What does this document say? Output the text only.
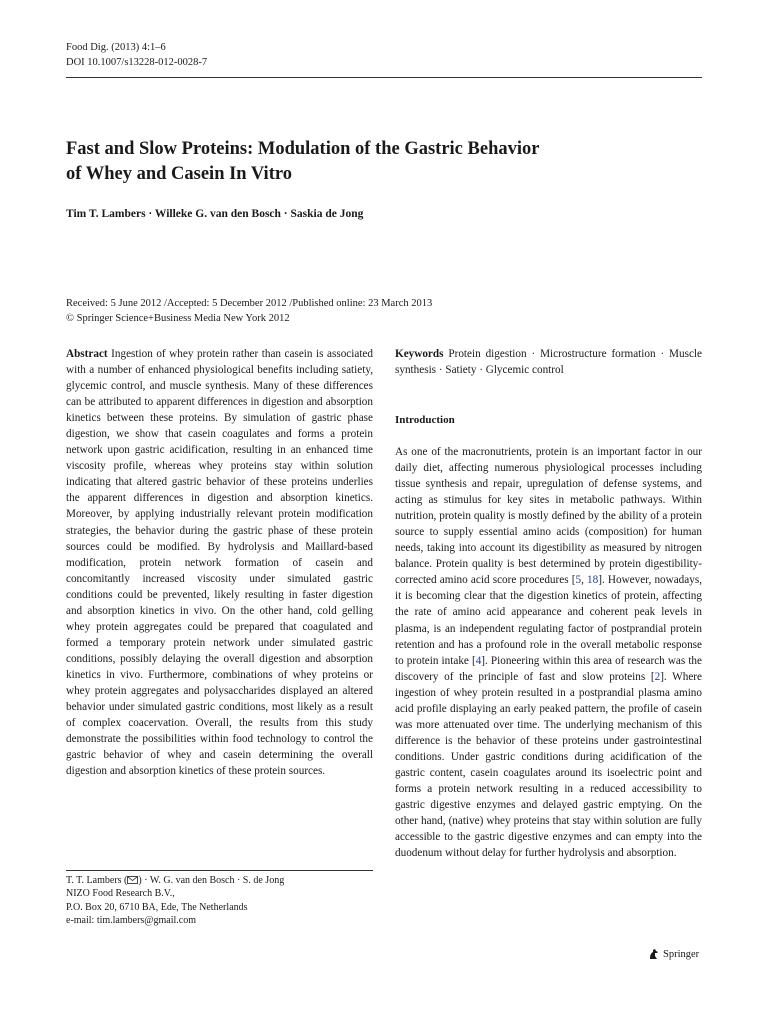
Food Dig. (2013) 4:1–6
DOI 10.1007/s13228-012-0028-7
Fast and Slow Proteins: Modulation of the Gastric Behavior
of Whey and Casein In Vitro
Tim T. Lambers · Willeke G. van den Bosch · Saskia de Jong
Received: 5 June 2012 /Accepted: 5 December 2012 /Published online: 23 March 2013
© Springer Science+Business Media New York 2012
Abstract Ingestion of whey protein rather than casein is associated with a number of enhanced physiological benefits including satiety, glycemic control, and muscle synthesis. Many of these differences can be attributed to apparent differences in digestion and absorption kinetics between these proteins. By simulation of gastric phase digestion, we show that casein coagulates and forms a protein network upon gastric acidification, resulting in an enhanced time viscosity profile, whereas whey proteins stay within solution indicating that altered gastric behavior of these proteins underlies the apparent differences in digestion and absorption kinetics. Moreover, by applying industrially relevant protein modification strategies, the behavior during the gastric phase of these protein sources could be modified. By hydrolysis and Maillard-based modification, protein network formation of casein and concomitantly increased viscosity under simulated gastric conditions could be prevented, likely resulting in faster digestion and absorption kinetics in vivo. On the other hand, cold gelling whey protein aggregates could be prepared that coagulated and formed a temporary protein network under simulated gastric conditions, possibly delaying the overall digestion and absorption kinetics in vivo. Furthermore, combinations of whey proteins or whey protein aggregates and polysaccharides displayed an altered behavior under simulated gastric conditions, most likely as a result of complex coacervation. Overall, the results from this study demonstrate the possibilities within food technology to control the gastric behavior of whey and casein determining the overall digestion and absorption kinetics of these protein sources.
Keywords Protein digestion · Microstructure formation · Muscle synthesis · Satiety · Glycemic control
Introduction
As one of the macronutrients, protein is an important factor in our daily diet, affecting numerous physiological processes including tissue synthesis and repair, upregulation of defense systems, and acting as stimulus for key sites in metabolic pathways. Within nutrition, protein quality is mostly defined by the ability of a protein source to supply essential amino acids (composition) for human needs, taking into account its digestibility as measured by nitrogen balance. Protein quality is best determined by protein digestibility-corrected amino acid score procedures [5, 18]. However, nowadays, it is becoming clear that the digestion kinetics of protein, affecting the rate of amino acid appearance and coherent peak levels in plasma, is an independent regulating factor of postprandial protein retention and has a profound role in the overall metabolic response to protein intake [4]. Pioneering within this area of research was the discovery of the principle of fast and slow proteins [2]. Where ingestion of whey protein resulted in a postprandial plasma amino acid profile displaying an early peaked pattern, the profile of casein was more attenuated over time. The underlying mechanism of this difference is the behavior of these proteins under gastrointestinal conditions. Under gastric conditions during acidification of the gastric content, casein coagulates around its isoelectric point and forms a protein network resulting in a reduced accessibility to gastric digestive enzymes and delayed gastric emptying. On the other hand, (native) whey proteins that stay within solution are fully accessible to the gastric digestive enzymes and can empty into the duodenum without delay for further hydrolysis and absorption.
T. T. Lambers ( ) · W. G. van den Bosch · S. de Jong
NIZO Food Research B.V.,
P.O. Box 20, 6710 BA, Ede, The Netherlands
e-mail: tim.lambers@gmail.com
Springer
